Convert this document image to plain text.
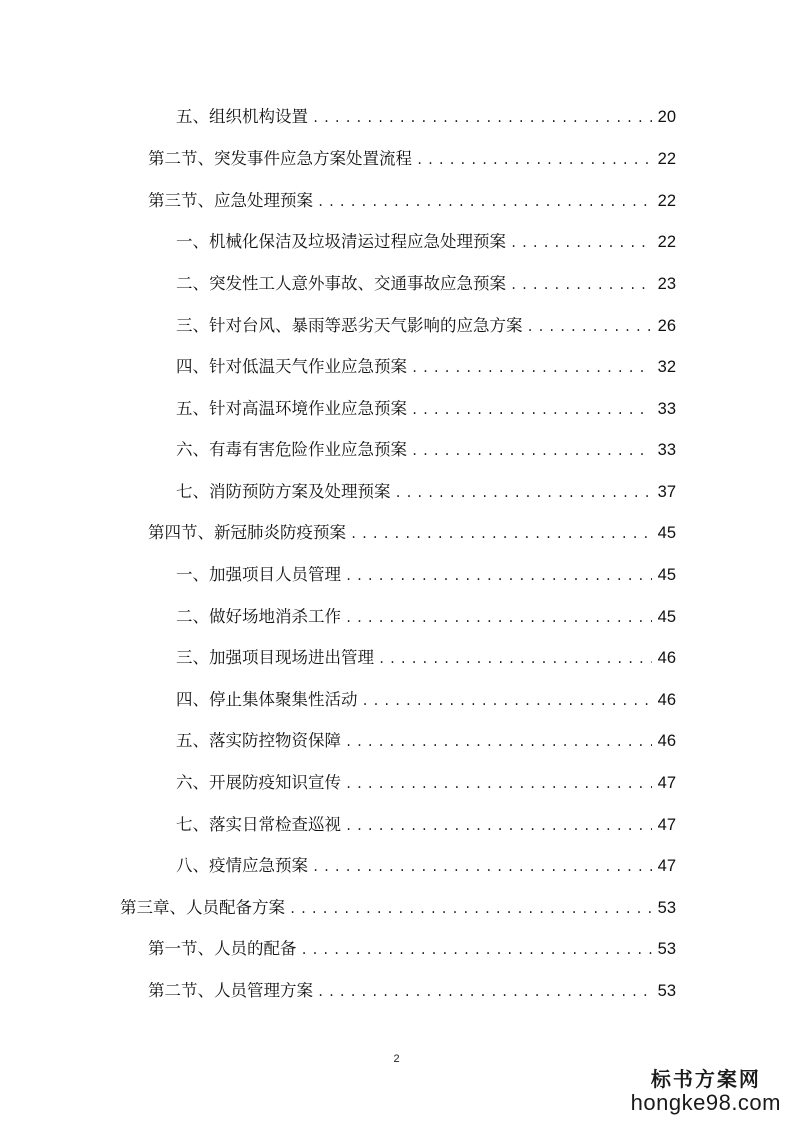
五、组织机构设置 .....	20
第二节、突发事件应急方案处置流程 .....	22
第三节、应急处理预案 .....	22
一、机械化保洁及垃圾清运过程应急处理预案 .....	22
二、突发性工人意外事故、交通事故应急预案 .....	23
三、针对台风、暴雨等恶劣天气影响的应急方案 .....	26
四、针对低温天气作业应急预案 .....	32
五、针对高温环境作业应急预案 .....	33
六、有毒有害危险作业应急预案 .....	33
七、消防预防方案及处理预案 .....	37
第四节、新冠肺炎防疫预案 .....	45
一、加强项目人员管理 .....	45
二、做好场地消杀工作 .....	45
三、加强项目现场进出管理 .....	46
四、停止集体聚集性活动 .....	46
五、落实防控物资保障 .....	46
六、开展防疫知识宣传 .....	47
七、落实日常检查巡视 .....	47
八、疫情应急预案 .....	47
第三章、人员配备方案 .....	53
第一节、人员的配备 .....	53
第二节、人员管理方案 .....	53
2
标书方案网
hongke98.com
